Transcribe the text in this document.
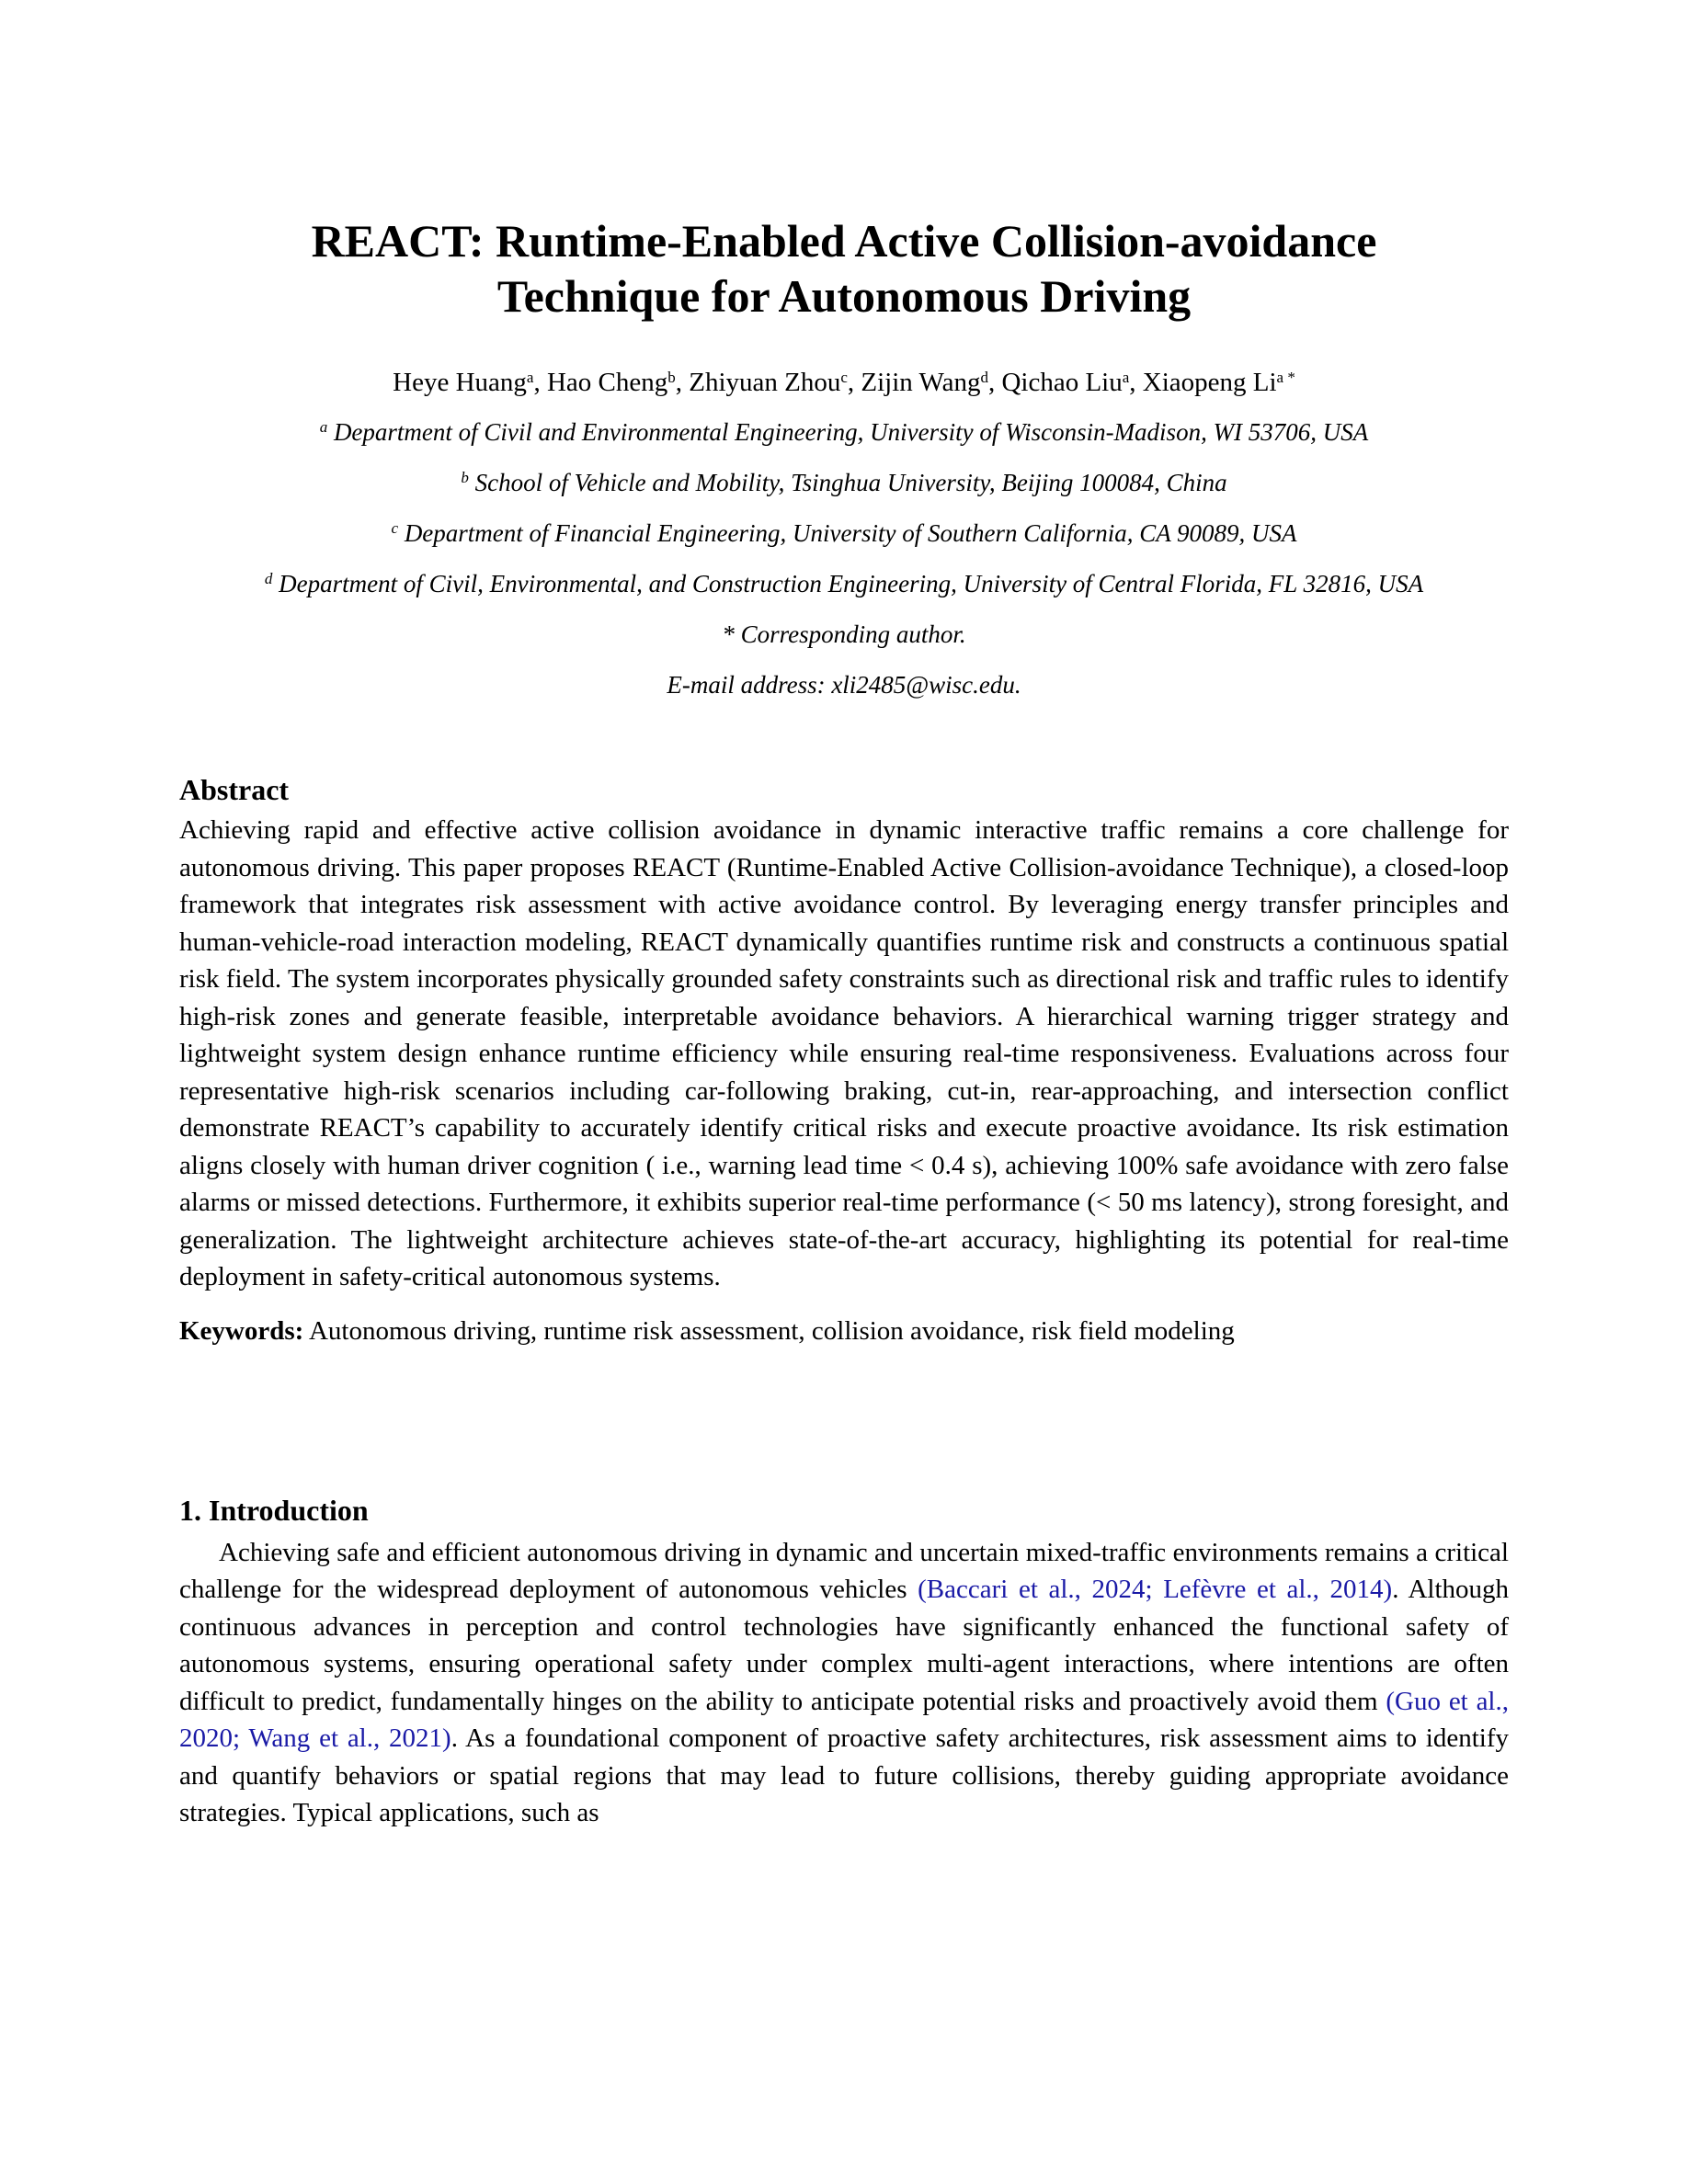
REACT: Runtime-Enabled Active Collision-avoidance
Technique for Autonomous Driving
Heye Huang$^a$, Hao Cheng$^b$, Zhiyuan Zhou$^c$, Zijin Wang$^d$, Qichao Liu$^a$, Xiaopeng $Li^{a *}$
$^a$ Department of Civil and Environmental Engineering, University of Wisconsin-Madison, WI 53706, USA
$^b$ School of Vehicle and Mobility, Tsinghua University, Beijing 100084, China
$^c$ Department of Financial Engineering, University of Southern California, CA 90089, USA
$^d$ Department of Civil, Environmental, and Construction Engineering, University of Central Florida, FL 32816, USA
* Corresponding author.
E-mail address: xli2485@wisc.edu.
Abstract

Achieving rapid and effective active collision avoidance in dynamic interactive traffic remains a core challenge for autonomous driving. This paper proposes REACT (Runtime-Enabled Active Collision-avoidance Technique), a closed-loop framework that integrates risk assessment with active avoidance control. By leveraging energy transfer principles and human-vehicle-road interaction modeling, REACT dynamically quantifies runtime risk and constructs a continuous spatial risk field. The system incorporates physically grounded safety constraints such as directional risk and traffic rules to identify high-risk zones and generate feasible, interpretable avoidance behaviors. A hierarchical warning trigger strategy and lightweight system design enhance runtime efficiency while ensuring real-time responsiveness. Evaluations across four representative high-risk scenarios including car-following braking, cut-in, rear-approaching, and intersection conflict demonstrate REACT’s capability to accurately identify critical risks and execute proactive avoidance. Its risk estimation aligns closely with human driver cognition ( i.e., warning lead time < 0.4 s), achieving 100% safe avoidance with zero false alarms or missed detections. Furthermore, it exhibits superior real-time performance (< 50 ms latency), strong foresight, and generalization. The lightweight architecture achieves state-of-the-art accuracy, highlighting its potential for real-time deployment in safety-critical autonomous systems.

Keywords: Autonomous driving, runtime risk assessment, collision avoidance, risk field modeling
1. Introduction

Achieving safe and efficient autonomous driving in dynamic and uncertain mixed-traffic environments remains a critical challenge for the widespread deployment of autonomous vehicles (Baccari et al., 2024; Lefèvre et al., 2014). Although continuous advances in perception and control technologies have significantly enhanced the functional safety of autonomous systems, ensuring operational safety under complex multi-agent interactions, where intentions are often difficult to predict, fundamentally hinges on the ability to anticipate potential risks and proactively avoid them (Guo et al., 2020; Wang et al., 2021). As a foundational component of proactive safety architectures, risk assessment aims to identify and quantify behaviors or spatial regions that may lead to future collisions, thereby guiding appropriate avoidance strategies. Typical applications, such as
